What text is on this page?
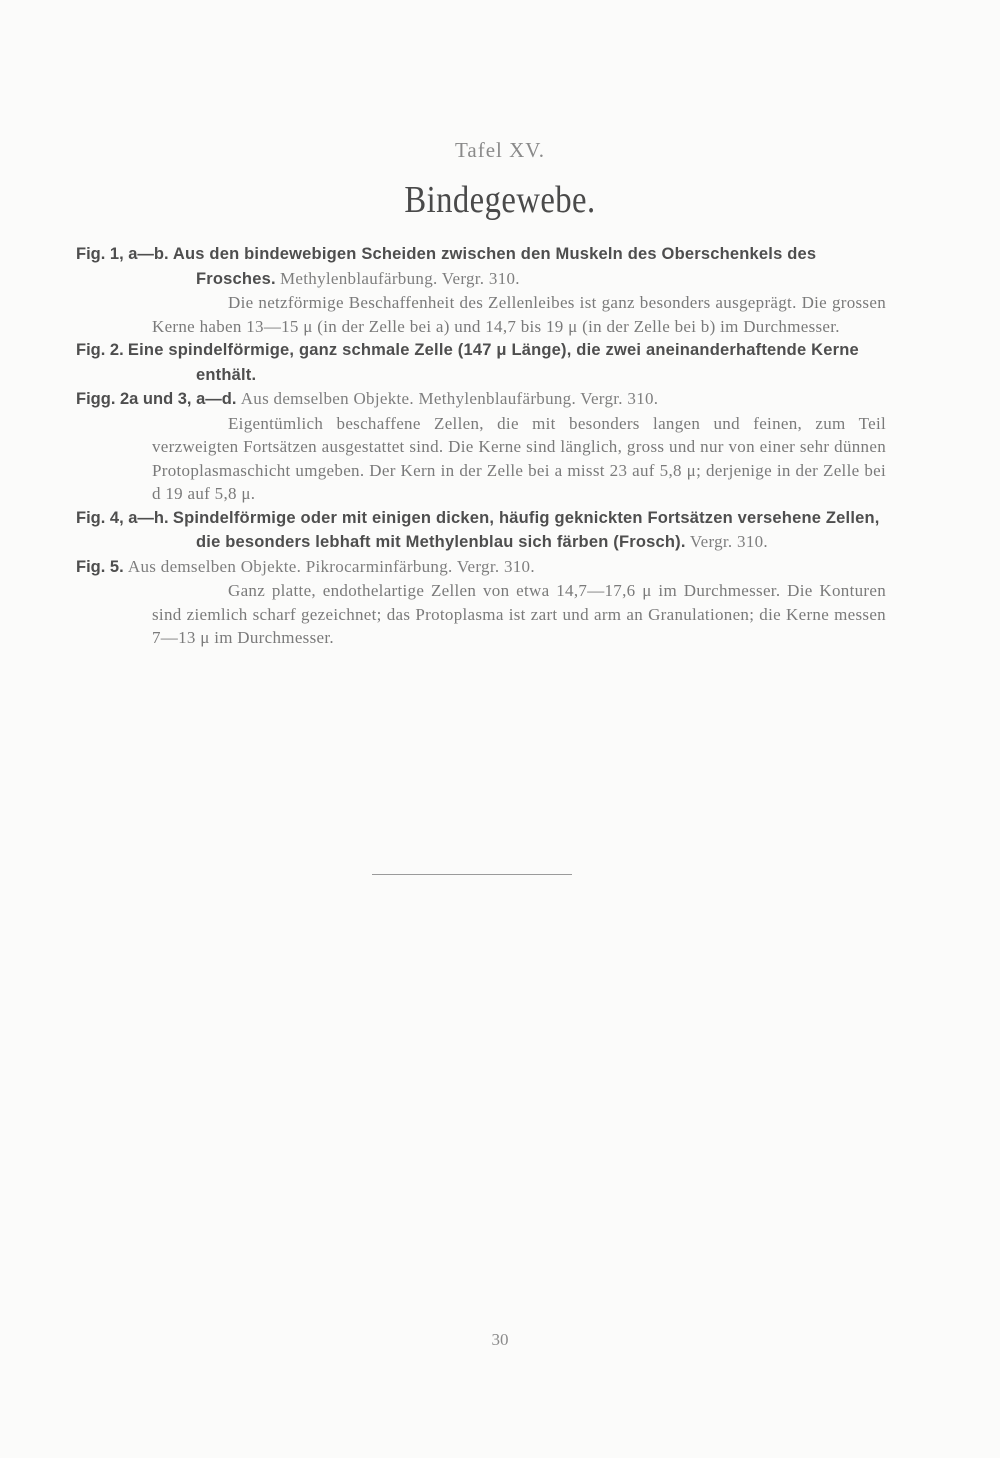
Tafel XV.
Bindegewebe.
Fig. 1, a—b. Aus den bindewebigen Scheiden zwischen den Muskeln des Oberschenkels des Frosches. Methylenblaufärbung. Vergr. 310.
Die netzförmige Beschaffenheit des Zellenleibes ist ganz besonders ausgeprägt. Die grossen Kerne haben 13—15 μ (in der Zelle bei a) und 14,7 bis 19 μ (in der Zelle bei b) im Durchmesser.
Fig. 2. Eine spindelförmige, ganz schmale Zelle (147 μ Länge), die zwei aneinanderhaftende Kerne enthält.
Figg. 2a und 3, a—d. Aus demselben Objekte. Methylenblaufärbung. Vergr. 310.
Eigentümlich beschaffene Zellen, die mit besonders langen und feinen, zum Teil verzweigten Fortsätzen ausgestattet sind. Die Kerne sind länglich, gross und nur von einer sehr dünnen Protoplasmaschicht umgeben. Der Kern in der Zelle bei a misst 23 auf 5,8 μ; derjenige in der Zelle bei d 19 auf 5,8 μ.
Fig. 4, a—h. Spindelförmige oder mit einigen dicken, häufig geknickten Fortsätzen versehene Zellen, die besonders lebhaft mit Methylenblau sich färben (Frosch). Vergr. 310.
Fig. 5. Aus demselben Objekte. Pikrocarminfärbung. Vergr. 310.
Ganz platte, endothelartige Zellen von etwa 14,7—17,6 μ im Durchmesser. Die Konturen sind ziemlich scharf gezeichnet; das Protoplasma ist zart und arm an Granulationen; die Kerne messen 7—13 μ im Durchmesser.
30
